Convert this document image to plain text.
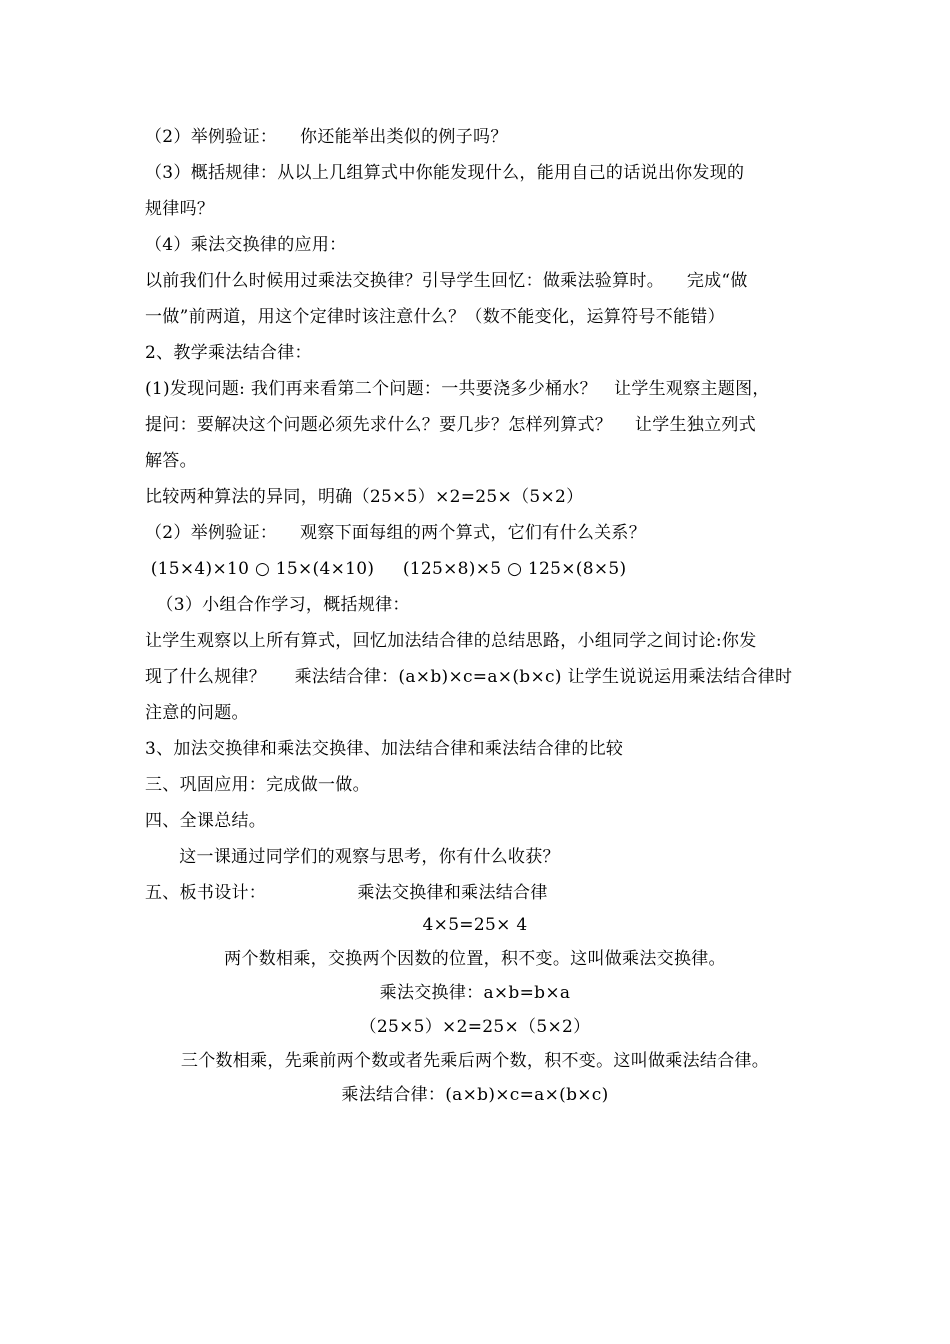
（2）举例验证：    你还能举出类似的例子吗？
（3）概括规律：从以上几组算式中你能发现什么，能用自己的话说出你发现的
规律吗？
（4）乘法交换律的应用：
以前我们什么时候用过乘法交换律？引导学生回忆：做乘法验算时。    完成“做
一做”前两道，用这个定律时该注意什么？（数不能变化，运算符号不能错）
2、教学乘法结合律：
(1)发现问题: 我们再来看第二个问题：一共要浇多少桶水？   让学生观察主题图，
提问：要解决这个问题必须先求什么？要几步？怎样列算式？    让学生独立列式
解答。
比较两种算法的异同，明确（25×5）×2=25×（5×2）
（2）举例验证：    观察下面每组的两个算式，它们有什么关系？
(15×4)×10 ○ 15×(4×10)     (125×8)×5 ○ 125×(8×5)
（3）小组合作学习，概括规律：
让学生观察以上所有算式，回忆加法结合律的总结思路，小组同学之间讨论:你发
现了什么规律？     乘法结合律：(a×b)×c=a×(b×c) 让学生说说运用乘法结合律时
注意的问题。
3、加法交换律和乘法交换律、加法结合律和乘法结合律的比较
三、巩固应用：完成做一做。
四、全课总结。
这一课通过同学们的观察与思考，你有什么收获？
五、板书设计：                乘法交换律和乘法结合律
4×5=25× 4
两个数相乘，交换两个因数的位置，积不变。这叫做乘法交换律。
乘法交换律：a×b=b×a
（25×5）×2=25×（5×2）
三个数相乘，先乘前两个数或者先乘后两个数，积不变。这叫做乘法结合律。
乘法结合律：(a×b)×c=a×(b×c)
